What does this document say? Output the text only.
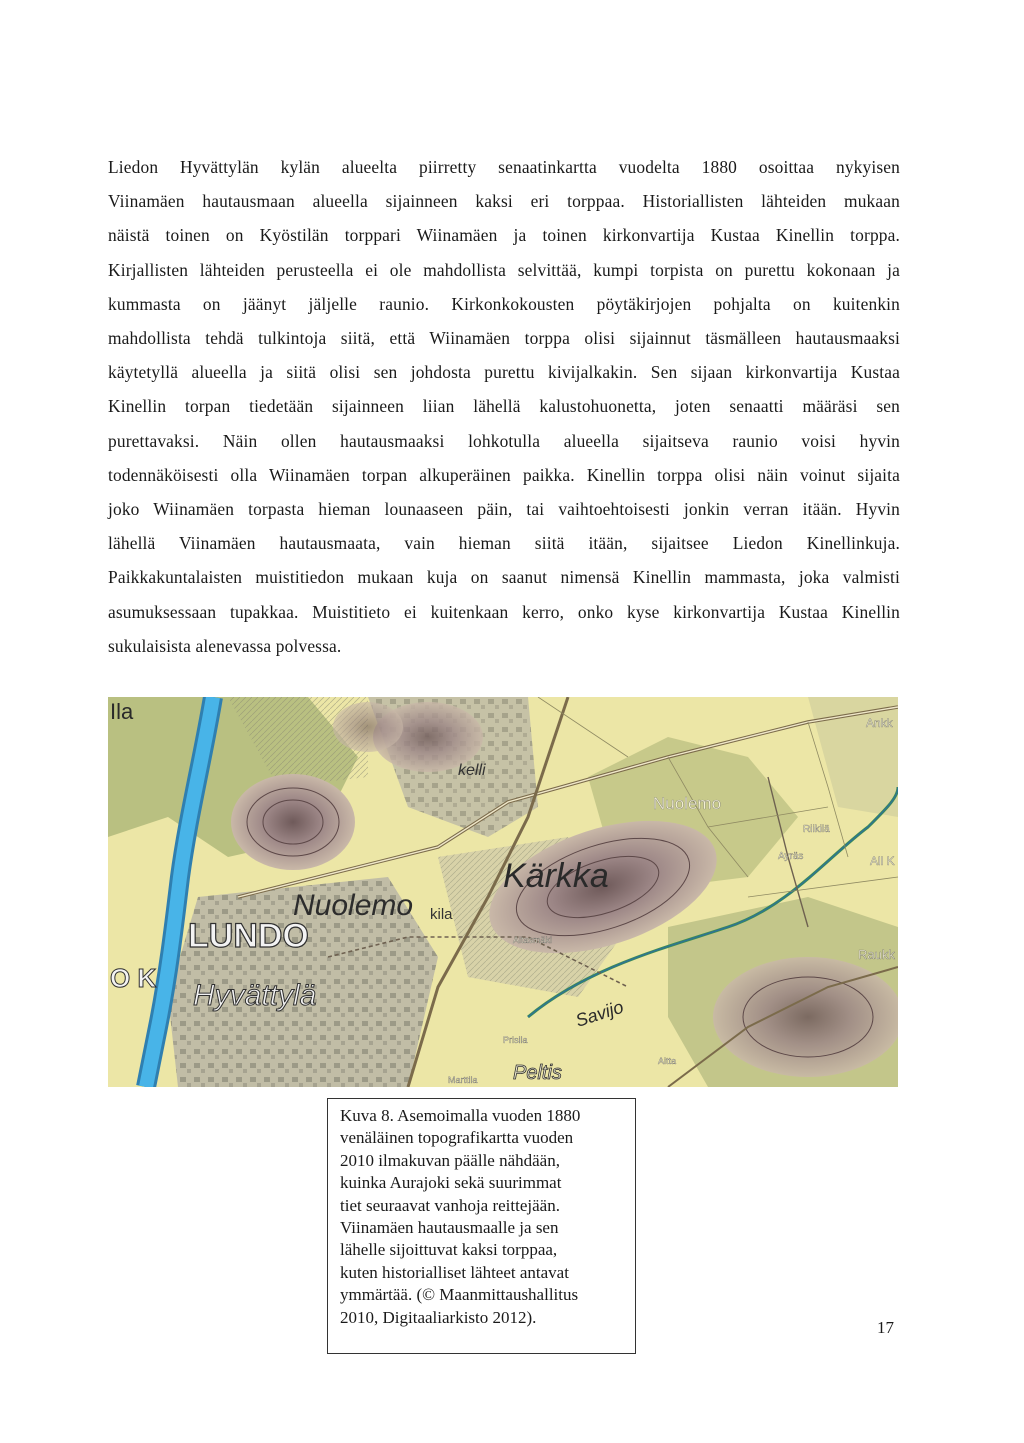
Liedon Hyvättylän kylän alueelta piirretty senaatinkartta vuodelta 1880 osoittaa nykyisen
Viinamäen hautausmaan alueella sijainneen kaksi eri torppaa. Historiallisten lähteiden mukaan
näistä toinen on Kyöstilän torppari Wiinamäen ja toinen kirkonvartija Kustaa Kinellin torppa.
Kirjallisten lähteiden perusteella ei ole mahdollista selvittää, kumpi torpista on purettu kokonaan ja
kummasta on jäänyt jäljelle raunio. Kirkonkokousten pöytäkirjojen pohjalta on kuitenkin
mahdollista tehdä tulkintoja siitä, että Wiinamäen torppa olisi sijainnut täsmälleen hautausmaaksi
käytetyllä alueella ja siitä olisi sen johdosta purettu kivijalkakin. Sen sijaan kirkonvartija Kustaa
Kinellin torpan tiedetään sijainneen liian lähellä kalustohuonetta, joten senaatti määräsi sen
purettavaksi. Näin ollen hautausmaaksi lohkotulla alueella sijaitseva raunio voisi hyvin
todennäköisesti olla Wiinamäen torpan alkuperäinen paikka. Kinellin torppa olisi näin voinut sijaita
joko Wiinamäen torpasta hieman lounaaseen päin, tai vaihtoehtoisesti jonkin verran itään. Hyvin
lähellä Viinamäen hautausmaata, vain hieman siitä itään, sijaitsee Liedon Kinellinkuja.
Paikkakuntalaisten muistitiedon mukaan kuja on saanut nimensä Kinellin mammasta, joka valmisti
asumuksessaan tupakkaa. Muistitieto ei kuitenkaan kerro, onko kyse kirkonvartija Kustaa Kinellin
sukulaisista alenevassa polvessa.
Nuolemo
Nuolemo
LUNDO
Hyvättylä
Kärkka
Peltis
Ankk
Riikilä
Ayräs
Raukk
kelli
All K
Ila
O K
kila
Aitasmäki
Prisila
Aitta
Marttila
Savijo
Kuva 8. Asemoimalla vuoden 1880
venäläinen topografikartta vuoden
2010 ilmakuvan päälle nähdään,
kuinka Aurajoki sekä suurimmat
tiet seuraavat vanhoja reittejään.
Viinamäen hautausmaalle ja sen
lähelle sijoittuvat kaksi torppaa,
kuten historialliset lähteet antavat
ymmärtää. (© Maanmittaushallitus
2010, Digitaaliarkisto 2012).
17
